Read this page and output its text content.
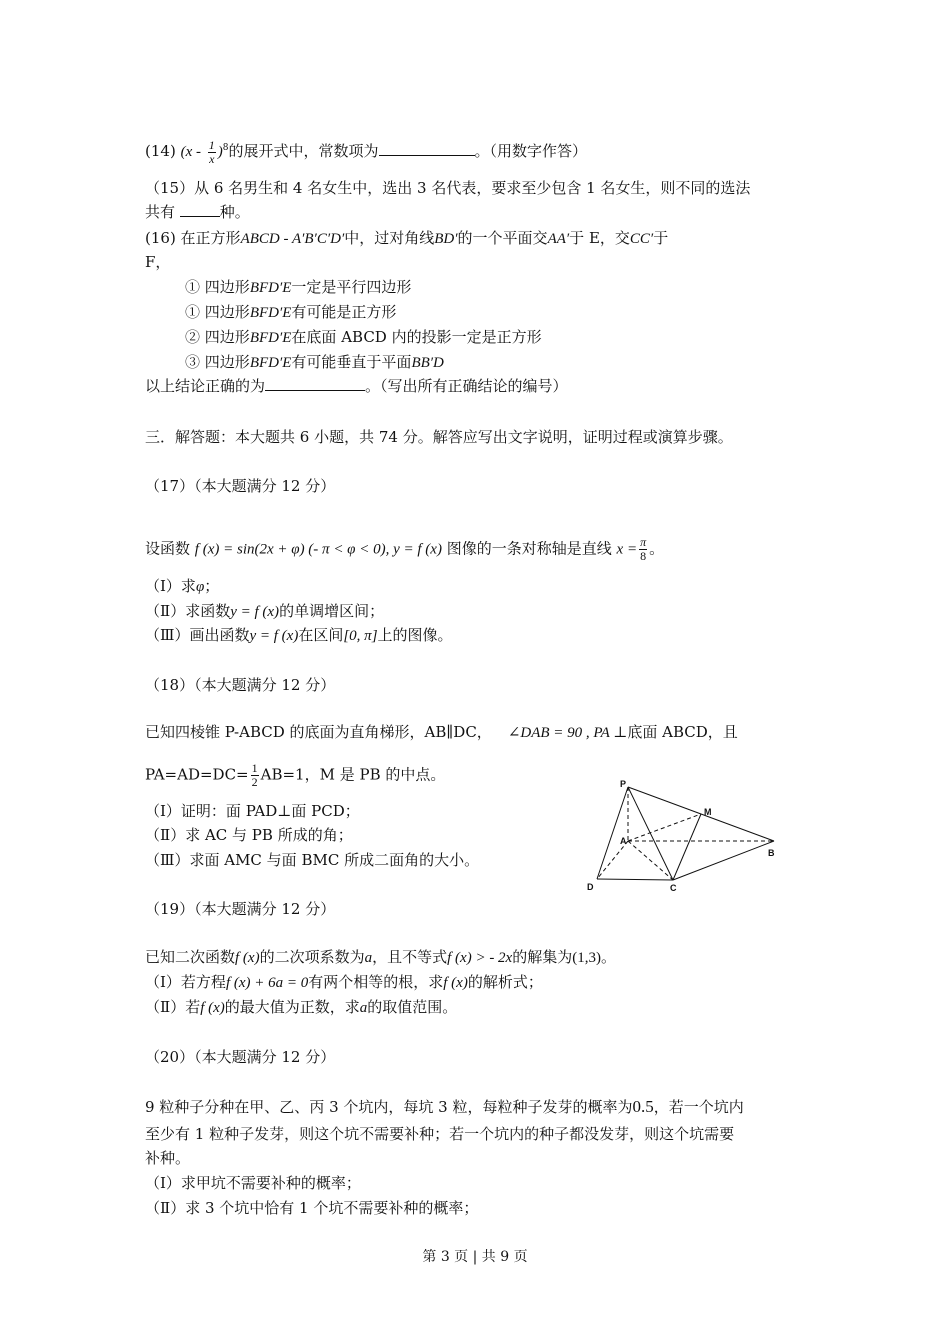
(14) $(x - \frac{1}{x} )^8$的展开式中，常数项为	。（用数字作答）
（15）从 6 名男生和 4 名女生中，选出 3 名代表，要求至少包含 1 名女生，则不同的选法
共有	种。
(16) 在正方形ABCD - A′B′C′D′中，过对角线BD′的一个平面交AA′于 E，交CC′于
F，
① 四边形BFD′E一定是平行四边形
① 四边形BFD′E有可能是正方形
② 四边形BFD′E在底面 ABCD 内的投影一定是正方形
③ 四边形BFD′E有可能垂直于平面BB′D
以上结论正确的为	。（写出所有正确结论的编号）
三．解答题：本大题共 6 小题，共 74 分。解答应写出文字说明，证明过程或演算步骤。
（17）（本大题满分 12 分）
设函数 f (x) = sin(2x + φ) (- π < φ < 0), y = f (x) 图像的一条对称轴是直线 $x = \frac{\pi}{8}$ 。
（Ⅰ）求φ；
（Ⅱ）求函数y = f (x)的单调增区间；
（Ⅲ）画出函数y = f (x)在区间[0, π]上的图像。
（18）（本大题满分 12 分）
已知四棱锥 P-ABCD 的底面为直角梯形，AB∥DC， ∠DAB = 90 , PA ⊥底面 ABCD，且
$PA=AD=DC= \frac{1}{2} AB=1$，M 是 PB 的中点。
（Ⅰ）证明：面 PAD⊥面 PCD；
（Ⅱ）求 AC 与 PB 所成的角；
（Ⅲ）求面 AMC 与面 BMC 所成二面角的大小。
P
M
A
B
D	C
（19）（本大题满分 12 分）
已知二次函数f (x)的二次项系数为a，且不等式f (x) > - 2x的解集为(1,3)。
（Ⅰ）若方程f (x) + 6a = 0有两个相等的根，求f (x)的解析式；
（Ⅱ）若f (x)的最大值为正数，求a的取值范围。
（20）（本大题满分 12 分）
9 粒种子分种在甲、乙、丙 3 个坑内，每坑 3 粒，每粒种子发芽的概率为0.5，若一个坑内
至少有 1 粒种子发芽，则这个坑不需要补种；若一个坑内的种子都没发芽，则这个坑需要
补种。
（Ⅰ）求甲坑不需要补种的概率；
（Ⅱ）求 3 个坑中恰有 1 个坑不需要补种的概率；
第 3 页 | 共 9 页
